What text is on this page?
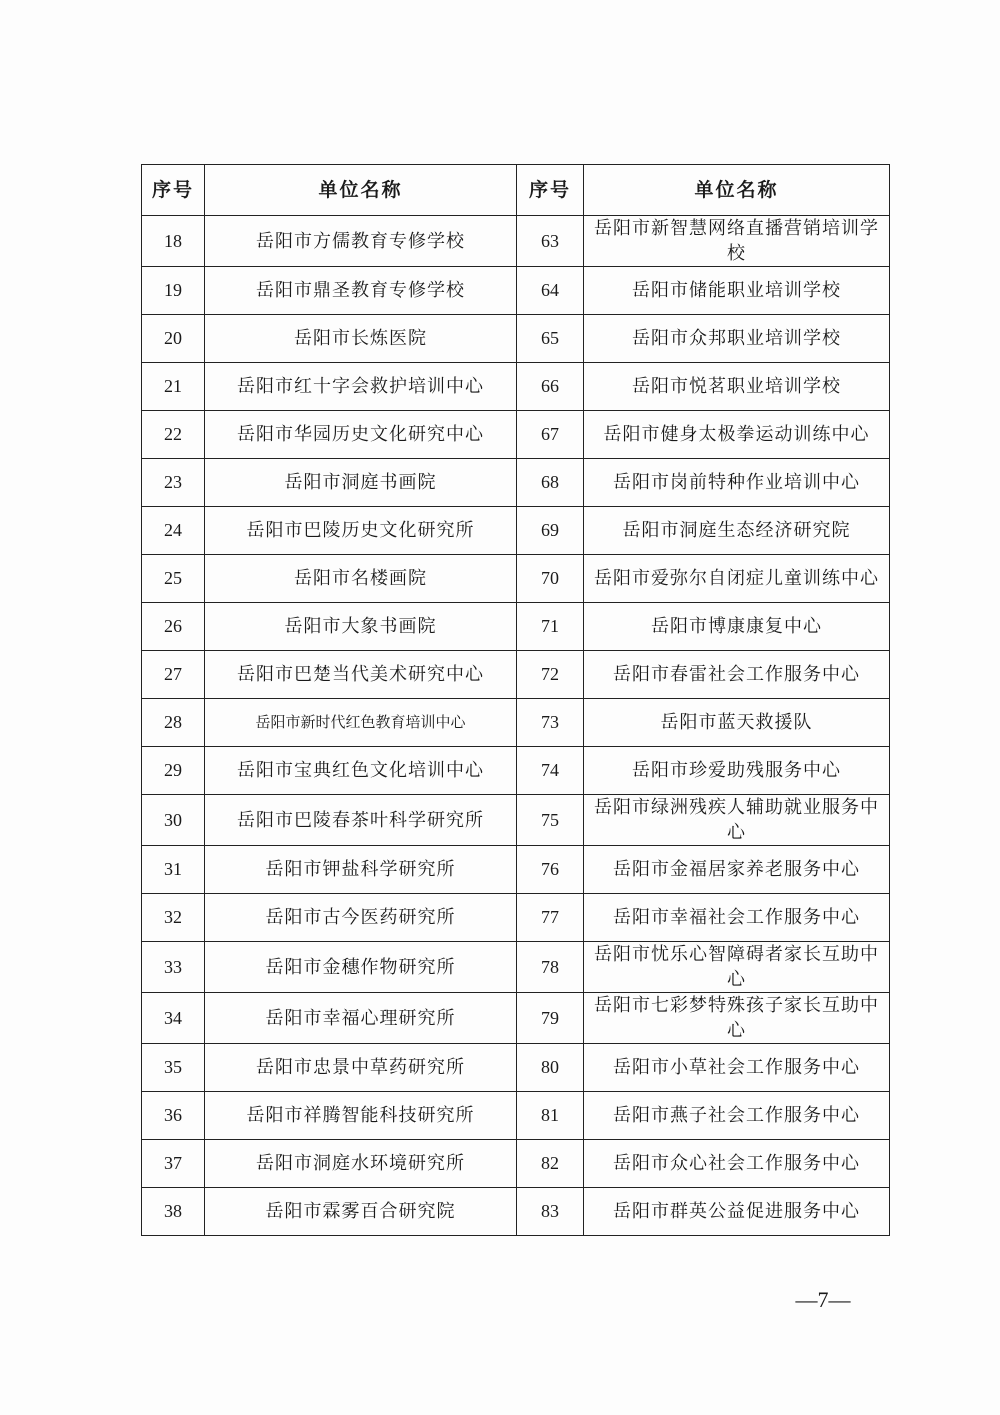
序号	单位名称	序号	单位名称
18	岳阳市方儒教育专修学校	63	岳阳市新智慧网络直播营销培训学校
19	岳阳市鼎圣教育专修学校	64	岳阳市储能职业培训学校
20	岳阳市长炼医院	65	岳阳市众邦职业培训学校
21	岳阳市红十字会救护培训中心	66	岳阳市悦茗职业培训学校
22	岳阳市华园历史文化研究中心	67	岳阳市健身太极拳运动训练中心
23	岳阳市洞庭书画院	68	岳阳市岗前特种作业培训中心
24	岳阳市巴陵历史文化研究所	69	岳阳市洞庭生态经济研究院
25	岳阳市名楼画院	70	岳阳市爱弥尔自闭症儿童训练中心
26	岳阳市大象书画院	71	岳阳市博康康复中心
27	岳阳市巴楚当代美术研究中心	72	岳阳市春雷社会工作服务中心
28	岳阳市新时代红色教育培训中心	73	岳阳市蓝天救援队
29	岳阳市宝典红色文化培训中心	74	岳阳市珍爱助残服务中心
30	岳阳市巴陵春茶叶科学研究所	75	岳阳市绿洲残疾人辅助就业服务中心
31	岳阳市钾盐科学研究所	76	岳阳市金福居家养老服务中心
32	岳阳市古今医药研究所	77	岳阳市幸福社会工作服务中心
33	岳阳市金穗作物研究所	78	岳阳市忧乐心智障碍者家长互助中心
34	岳阳市幸福心理研究所	79	岳阳市七彩梦特殊孩子家长互助中心
35	岳阳市忠景中草药研究所	80	岳阳市小草社会工作服务中心
36	岳阳市祥腾智能科技研究所	81	岳阳市燕子社会工作服务中心
37	岳阳市洞庭水环境研究所	82	岳阳市众心社会工作服务中心
38	岳阳市霖雾百合研究院	83	岳阳市群英公益促进服务中心
—7—
